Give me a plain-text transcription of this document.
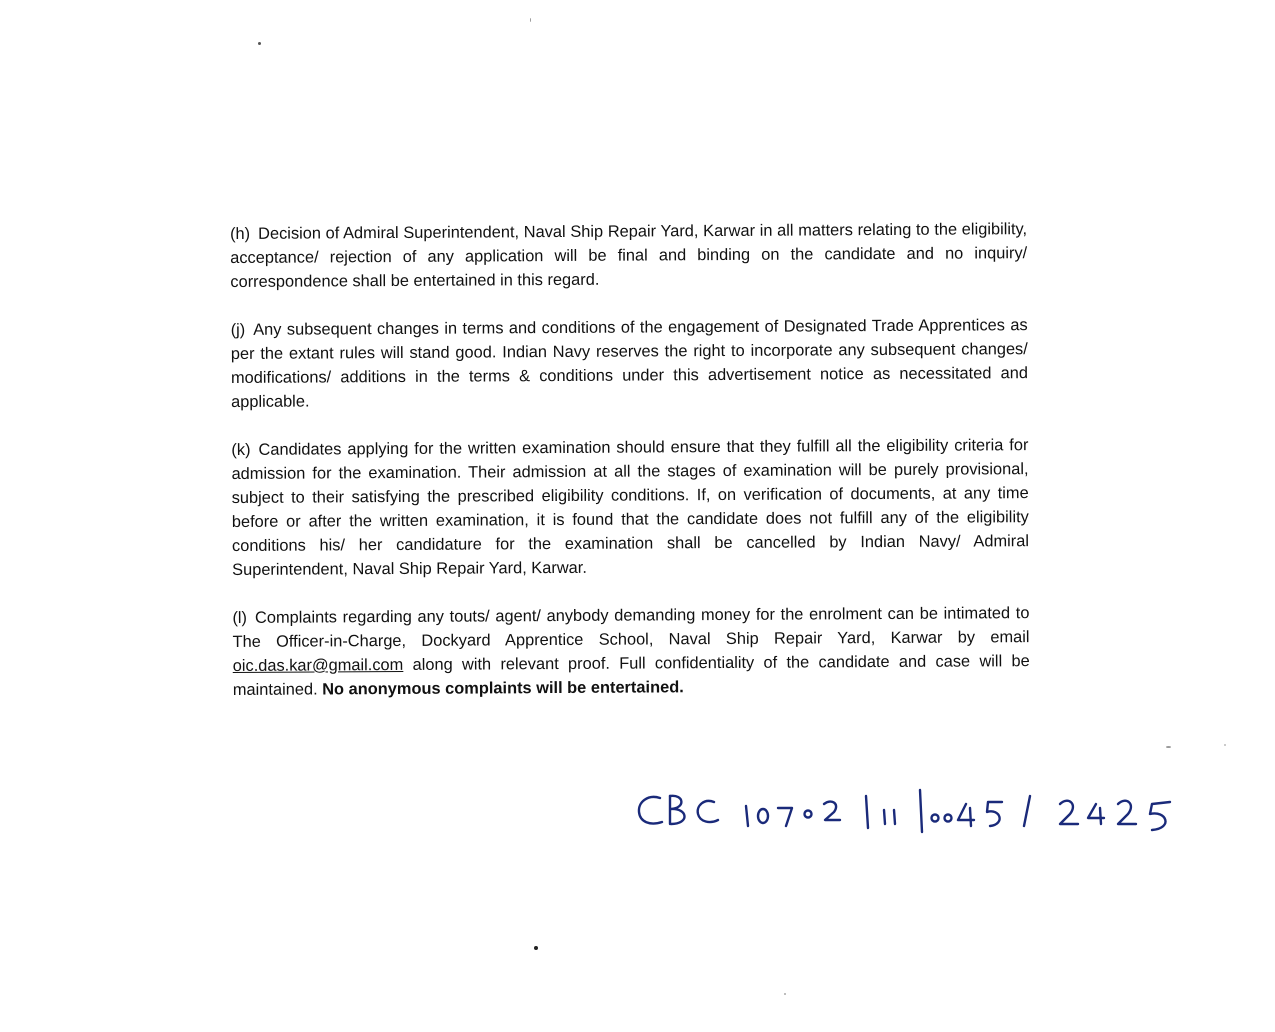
(h) Decision of Admiral Superintendent, Naval Ship Repair Yard, Karwar in all matters relating to the eligibility, acceptance/ rejection of any application will be final and binding on the candidate and no inquiry/ correspondence shall be entertained in this regard.

(j) Any subsequent changes in terms and conditions of the engagement of Designated Trade Apprentices as per the extant rules will stand good. Indian Navy reserves the right to incorporate any subsequent changes/ modifications/ additions in the terms & conditions under this advertisement notice as necessitated and applicable.

(k) Candidates applying for the written examination should ensure that they fulfill all the eligibility criteria for admission for the examination. Their admission at all the stages of examination will be purely provisional, subject to their satisfying the prescribed eligibility conditions. If, on verification of documents, at any time before or after the written examination, it is found that the candidate does not fulfill any of the eligibility conditions his/ her candidature for the examination shall be cancelled by Indian Navy/ Admiral Superintendent, Naval Ship Repair Yard, Karwar.

(l) Complaints regarding any touts/ agent/ anybody demanding money for the enrolment can be intimated to The Officer-in-Charge, Dockyard Apprentice School, Naval Ship Repair Yard, Karwar by email oic.das.kar@gmail.com along with relevant proof. Full confidentiality of the candidate and case will be maintained. No anonymous complaints will be entertained.
